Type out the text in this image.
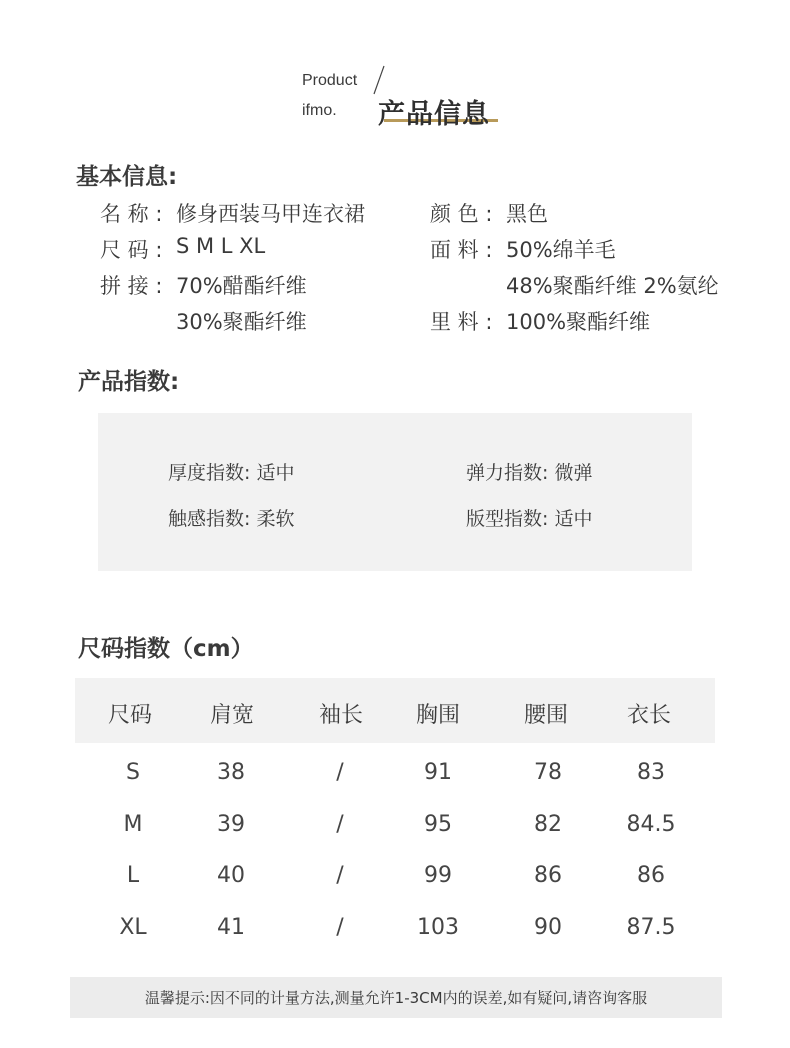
Product
ifmo. 产品信息
基本信息:
名 称 : 修身西装马甲连衣裙	颜 色 : 黑色
尺 码 : S M L XL	面 料 : 50%绵羊毛
拼 接 : 70%醋酯纤维	48%聚酯纤维 2%氨纶
30%聚酯纤维	里 料 : 100%聚酯纤维
产品指数:
厚度指数: 适中	弹力指数: 微弹
触感指数: 柔软	版型指数: 适中
尺码指数（cm）
尺码	肩宽	袖长	胸围	腰围	衣长
S	38	/	91	78	83
M	39	/	95	82	84.5
L	40	/	99	86	86
XL	41	/	103	90	87.5
温馨提示:因不同的计量方法,测量允许1-3CM内的误差,如有疑问,请咨询客服
